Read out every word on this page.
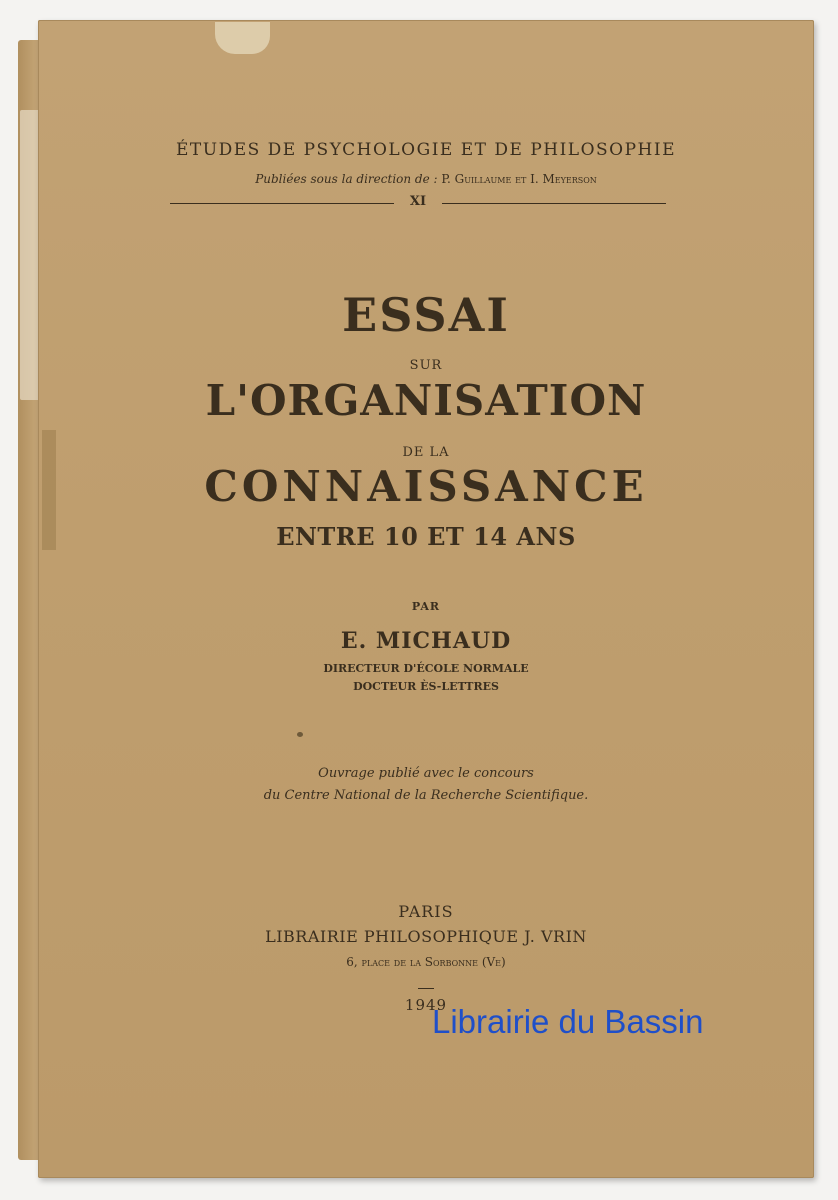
ÉTUDES DE PSYCHOLOGIE ET DE PHILOSOPHIE
Publiées sous la direction de : P. Guillaume et I. Meyerson
XI
ESSAI
SUR
L'ORGANISATION
DE LA
CONNAISSANCE
ENTRE 10 ET 14 ANS
PAR
E. MICHAUD
DIRECTEUR D'ÉCOLE NORMALE
DOCTEUR ÈS-LETTRES
Ouvrage publié avec le concours
du Centre National de la Recherche Scientifique.
PARIS
LIBRAIRIE PHILOSOPHIQUE J. VRIN
6, place de la Sorbonne (Ve)
1949
Librairie du Bassin
